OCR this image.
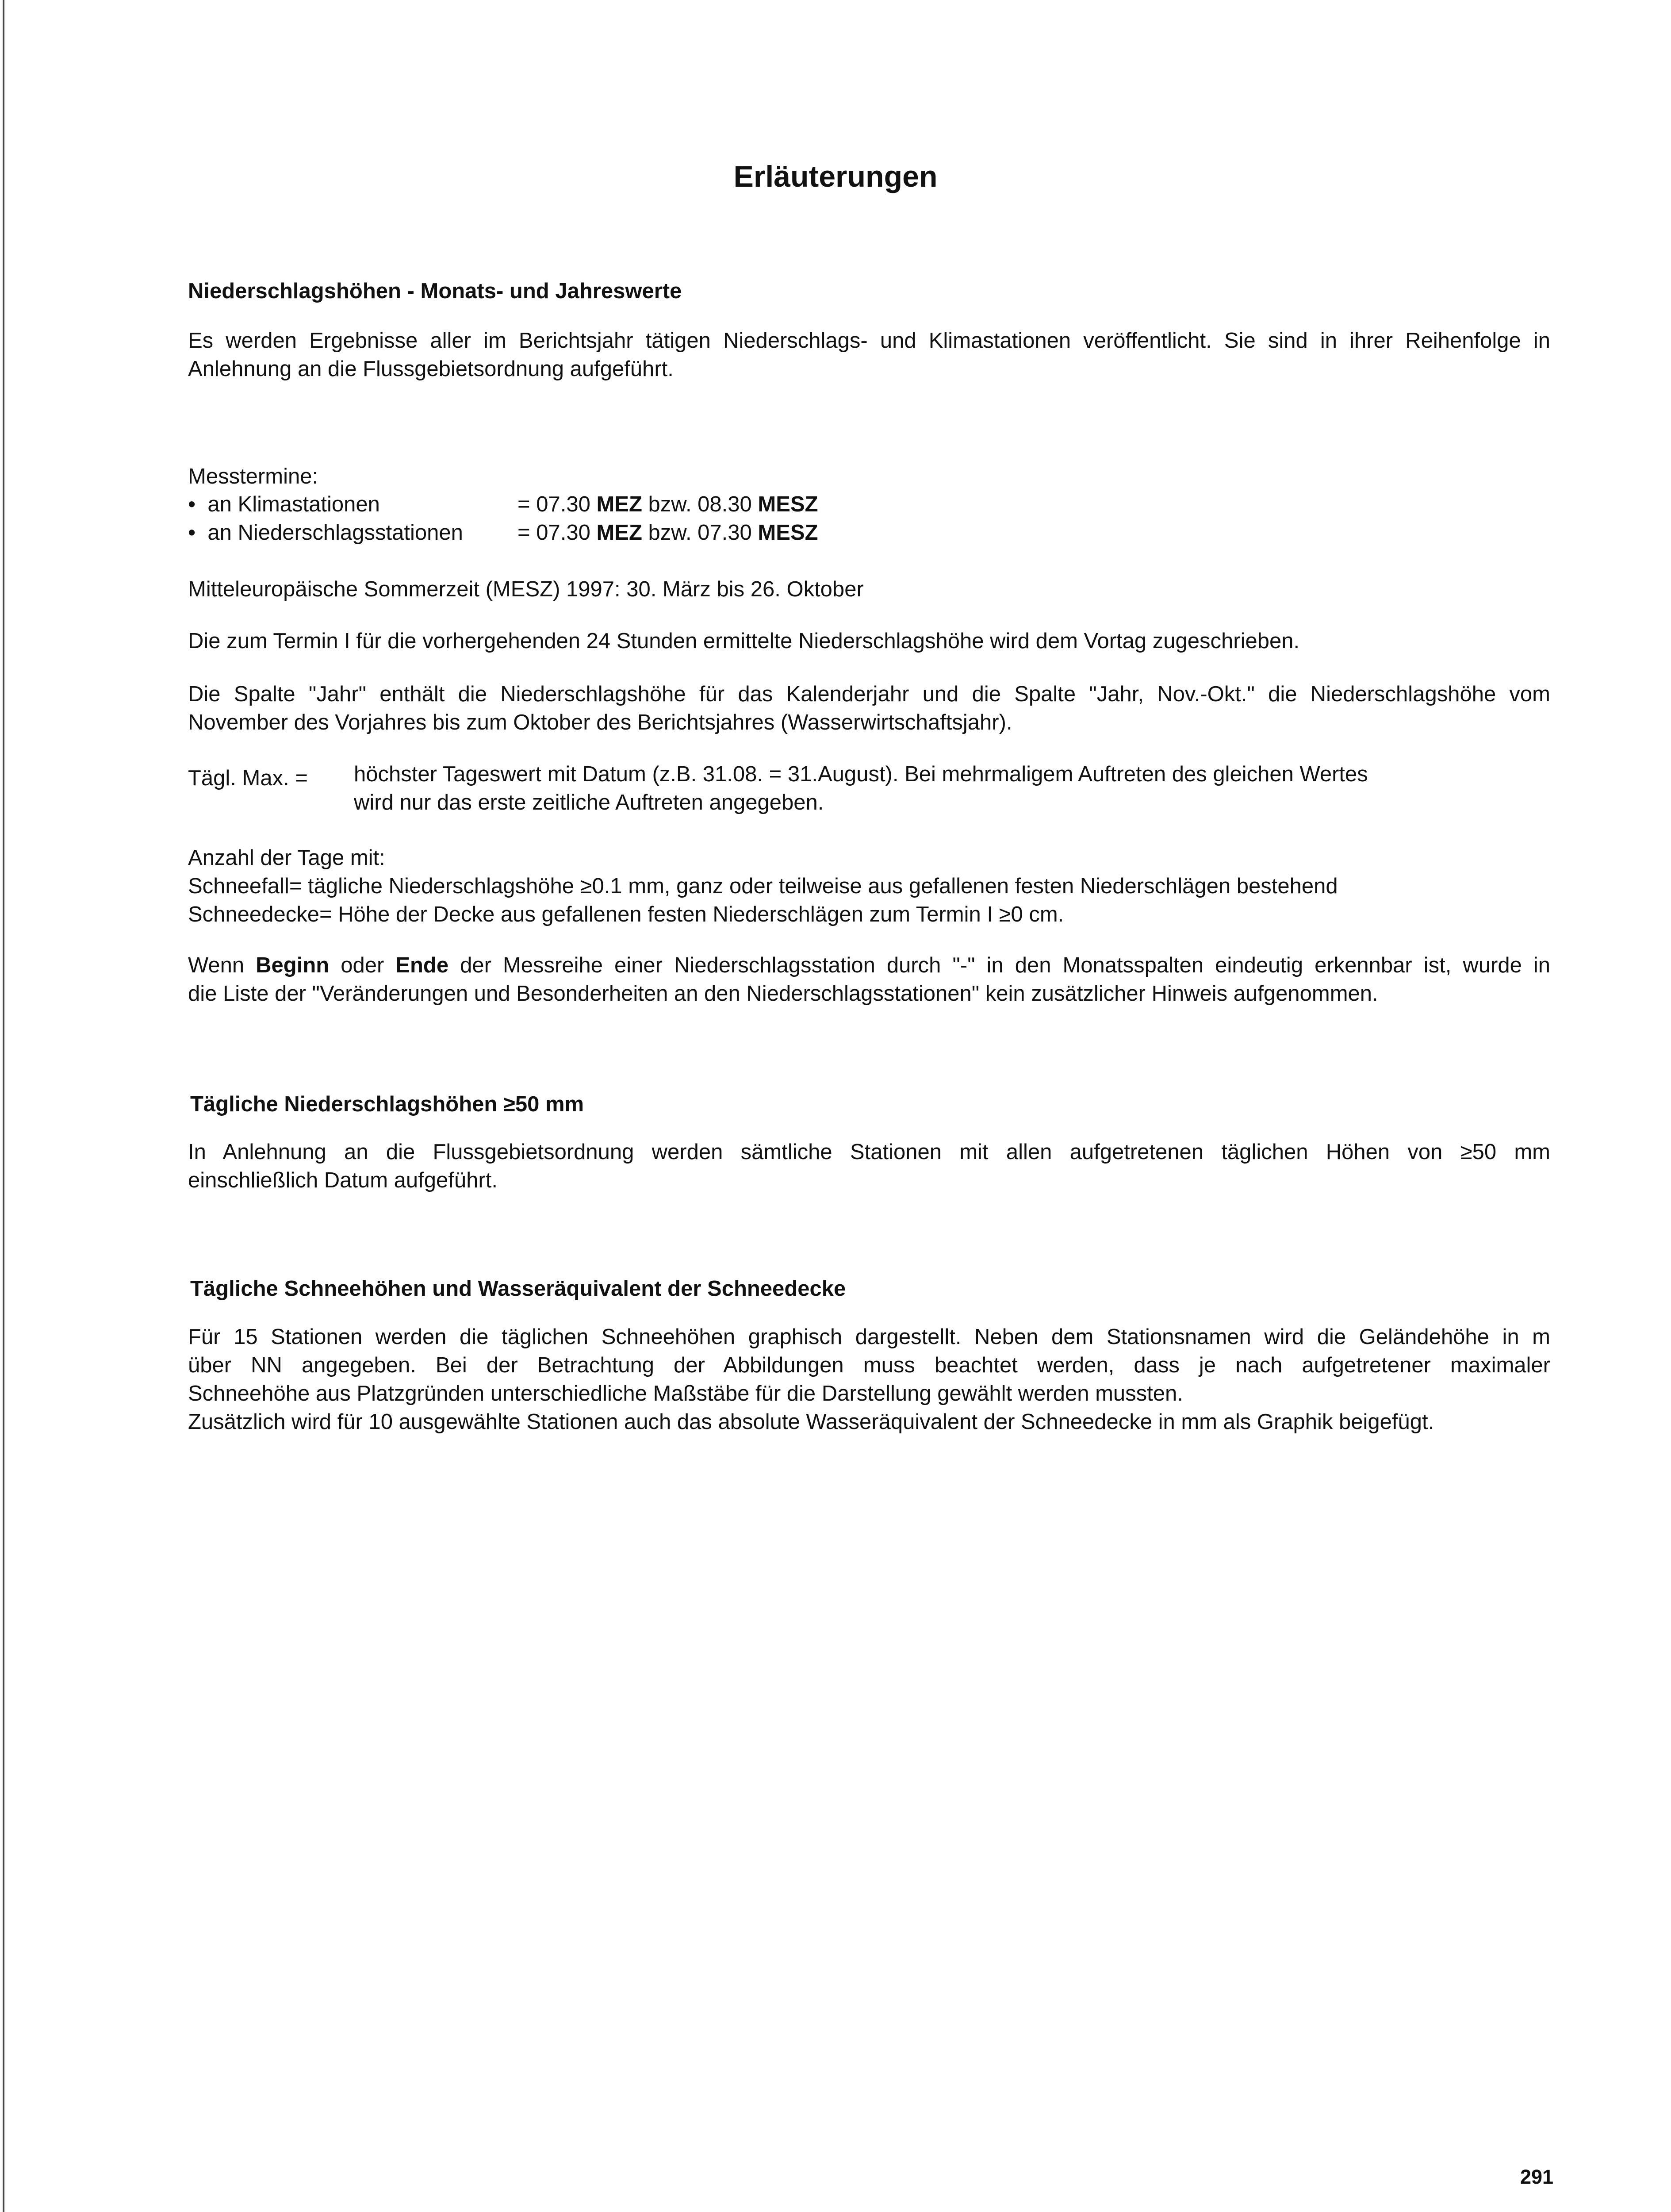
Erläuterungen
Niederschlagshöhen - Monats- und Jahreswerte
Es werden Ergebnisse aller im Berichtsjahr tätigen Niederschlags- und Klimastationen veröffentlicht. Sie sind in ihrer Reihenfolge in
Anlehnung an die Flussgebietsordnung aufgeführt.
Messtermine:
•  an Klimastationen	= 07.30 MEZ bzw. 08.30 MESZ
•  an Niederschlagsstationen	= 07.30 MEZ bzw. 07.30 MESZ
Mitteleuropäische Sommerzeit (MESZ) 1997: 30. März bis 26. Oktober
Die zum Termin I für die vorhergehenden 24 Stunden ermittelte Niederschlagshöhe wird dem Vortag zugeschrieben.
Die Spalte "Jahr" enthält die Niederschlagshöhe für das Kalenderjahr und die Spalte "Jahr, Nov.-Okt." die Niederschlagshöhe vom
November des Vorjahres bis zum Oktober des Berichtsjahres (Wasserwirtschaftsjahr).
Tägl. Max. = höchster Tageswert mit Datum (z.B. 31.08. = 31.August). Bei mehrmaligem Auftreten des gleichen Wertes
wird nur das erste zeitliche Auftreten angegeben.
Anzahl der Tage mit:
Schneefall= tägliche Niederschlagshöhe ≥0.1 mm, ganz oder teilweise aus gefallenen festen Niederschlägen bestehend
Schneedecke= Höhe der Decke aus gefallenen festen Niederschlägen zum Termin I ≥0 cm.
Wenn Beginn oder Ende der Messreihe einer Niederschlagsstation durch "-" in den Monatsspalten eindeutig erkennbar ist, wurde in
die Liste der "Veränderungen und Besonderheiten an den Niederschlagsstationen" kein zusätzlicher Hinweis aufgenommen.
Tägliche Niederschlagshöhen ≥50 mm
In Anlehnung an die Flussgebietsordnung werden sämtliche Stationen mit allen aufgetretenen täglichen Höhen von ≥50 mm
einschließlich Datum aufgeführt.
Tägliche Schneehöhen und Wasseräquivalent der Schneedecke
Für 15 Stationen werden die täglichen Schneehöhen graphisch dargestellt. Neben dem Stationsnamen wird die Geländehöhe in m
über NN angegeben. Bei der Betrachtung der Abbildungen muss beachtet werden, dass je nach aufgetretener maximaler
Schneehöhe aus Platzgründen unterschiedliche Maßstäbe für die Darstellung gewählt werden mussten.
Zusätzlich wird für 10 ausgewählte Stationen auch das absolute Wasseräquivalent der Schneedecke in mm als Graphik beigefügt.
291
